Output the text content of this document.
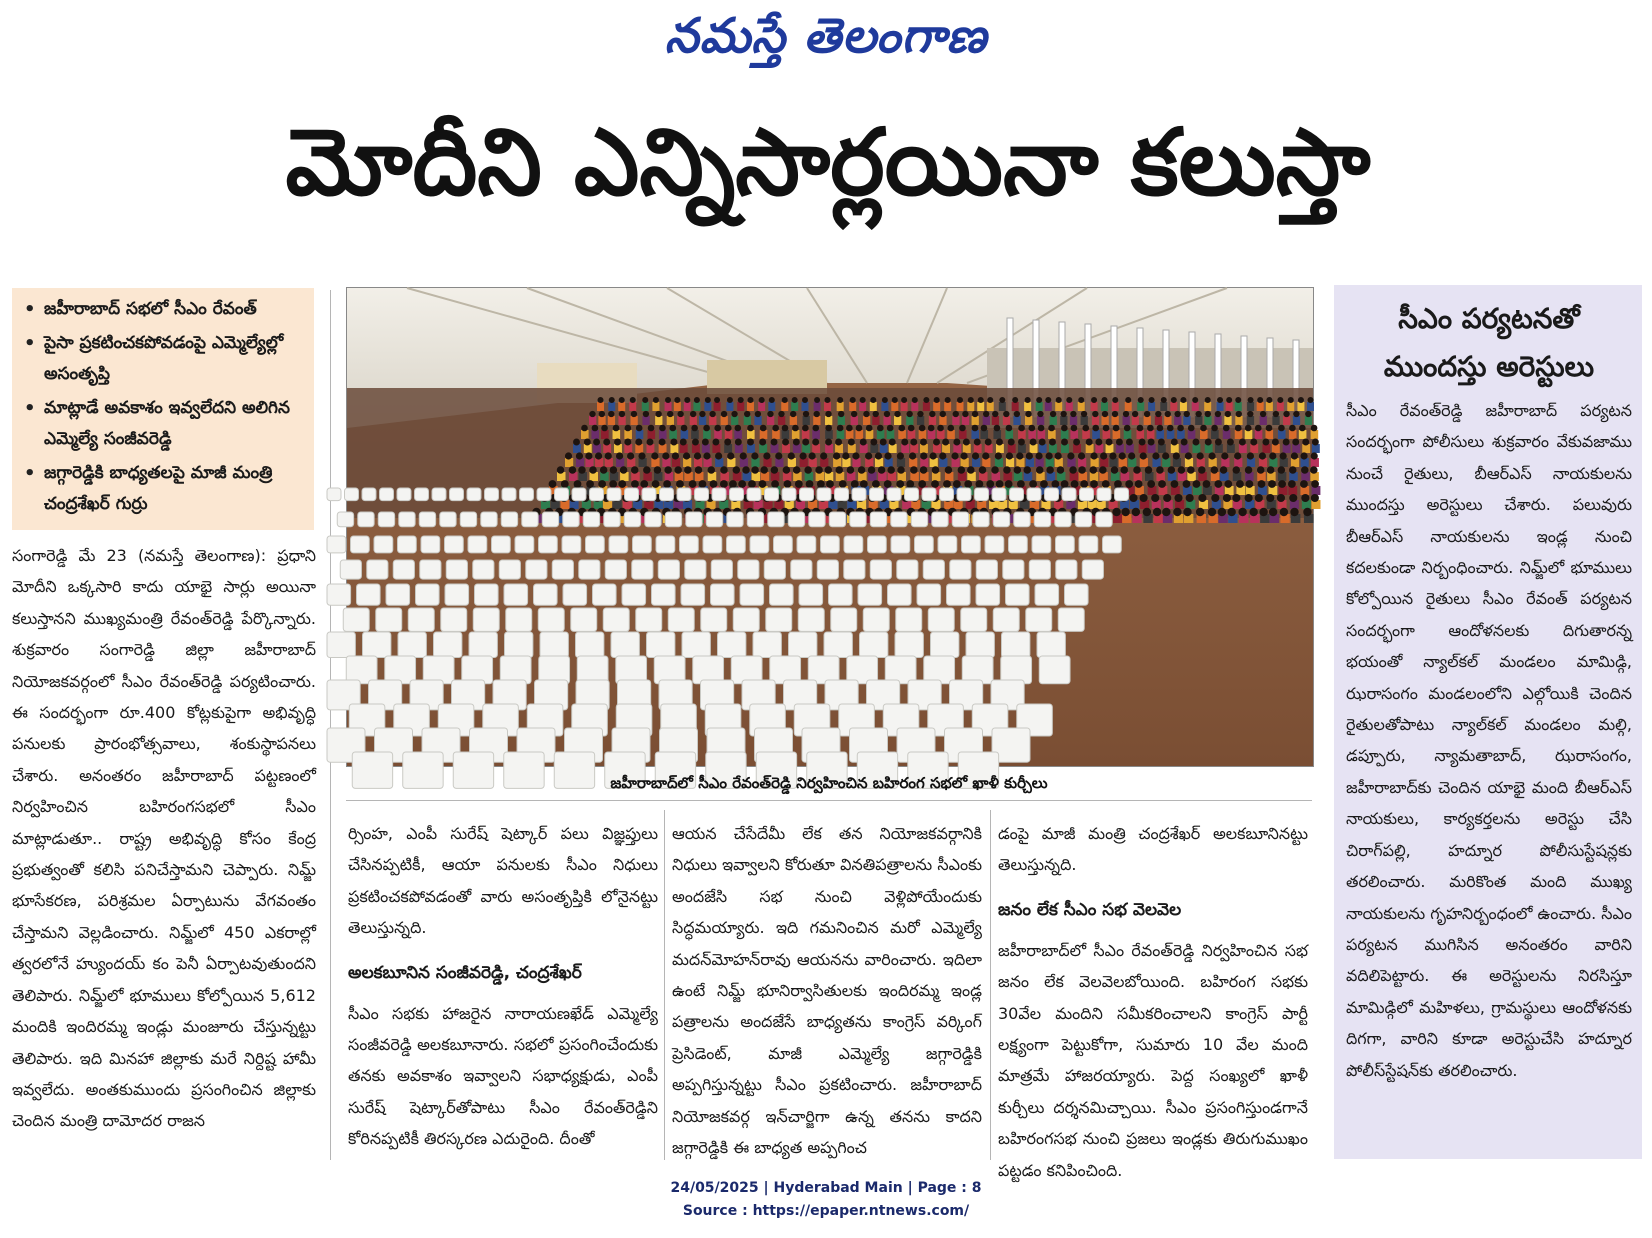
నమస్తే తెలంగాణ
మోదీని ఎన్నిసార్లయినా కలుస్తా
• జహీరాబాద్ సభలో సీఎం రేవంత్
• పైసా ప్రకటించకపోవడంపై ఎమ్మెల్యేల్లో అసంతృప్తి
• మాట్లాడే అవకాశం ఇవ్వలేదని అలిగిన ఎమ్మెల్యే సంజీవరెడ్డి
• జగ్గారెడ్డికి బాధ్యతలపై మాజీ మంత్రి చంద్రశేఖర్ గుర్రు

సంగారెడ్డి మే 23 (నమస్తే తెలంగాణ): ప్రధాని మోదీని ఒక్కసారి కాదు యాభై సార్లు అయినా కలుస్తానని ముఖ్యమంత్రి రేవంత్‌రెడ్డి పేర్కొన్నారు. శుక్రవారం సంగారెడ్డి జిల్లా జహీరాబాద్ నియోజకవర్గంలో సీఎం రేవంత్‌రెడ్డి పర్యటించారు. ఈ సందర్భంగా రూ.400 కోట్లకుపైగా అభివృద్ధి పనులకు ప్రారంభోత్సవాలు, శంకుస్థాపనలు చేశారు. అనంతరం జహీరాబాద్ పట్టణంలో నిర్వహించిన బహిరంగసభలో సీఎం మాట్లాడుతూ.. రాష్ట్ర అభివృద్ధి కోసం కేంద్ర ప్రభుత్వంతో కలిసి పనిచేస్తామని చెప్పారు. నిమ్జ్ భూసేకరణ, పరిశ్రమల ఏర్పాటును వేగవంతం చేస్తామని వెల్లడించారు. నిమ్జ్‌లో 450 ఎకరాల్లో త్వరలోనే హ్యుందయ్ కం పెనీ ఏర్పాటవుతుందని తెలిపారు. నిమ్జ్‌లో భూములు కోల్పోయిన 5,612 మందికి ఇందిరమ్మ ఇండ్లు మంజూరు చేస్తున్నట్టు తెలిపారు. ఇది మినహా జిల్లాకు మరే నిర్దిష్ట హామీ ఇవ్వలేదు. అంతకుముందు ప్రసంగించిన జిల్లాకు చెందిన మంత్రి దామోదర రాజన

జహీరాబాద్‌లో సీఎం రేవంత్‌రెడ్డి నిర్వహించిన బహిరంగ సభలో ఖాళీ కుర్చీలు

ర్సింహ, ఎంపీ సురేష్ షెట్కార్ పలు విజ్ఞప్తులు చేసినప్పటికీ, ఆయా పనులకు సీఎం నిధులు ప్రకటించకపోవడంతో వారు అసంతృప్తికి లోనైనట్టు తెలుస్తున్నది.

అలకబూనిన సంజీవరెడ్డి, చంద్రశేఖర్

సీఎం సభకు హాజరైన నారాయణఖేడ్ ఎమ్మెల్యే సంజీవరెడ్డి అలకబూనారు. సభలో ప్రసంగించేందుకు తనకు అవకాశం ఇవ్వాలని సభాధ్యక్షుడు, ఎంపీ సురేష్ షెట్కార్‌తోపాటు సీఎం రేవంత్‌రెడ్డిని కోరినప్పటికీ తిరస్కరణ ఎదురైంది. దీంతో

ఆయన చేసేదేమీ లేక తన నియోజకవర్గానికి నిధులు ఇవ్వాలని కోరుతూ వినతిపత్రాలను సీఎంకు అందజేసి సభ నుంచి వెళ్లిపోయేందుకు సిద్ధమయ్యారు. ఇది గమనించిన మరో ఎమ్మెల్యే మదన్‌మోహన్‌రావు ఆయనను వారించారు. ఇదిలా ఉంటే నిమ్జ్ భూనిర్వాసితులకు ఇందిరమ్మ ఇండ్ల పత్రాలను అందజేసే బాధ్యతను కాంగ్రెస్ వర్కింగ్ ప్రెసిడెంట్, మాజీ ఎమ్మెల్యే జగ్గారెడ్డికి అప్పగిస్తున్నట్టు సీఎం ప్రకటించారు. జహీరాబాద్ నియోజకవర్గ ఇన్‌చార్జిగా ఉన్న తనను కాదని జగ్గారెడ్డికి ఈ బాధ్యత అప్పగించ

డంపై మాజీ మంత్రి చంద్రశేఖర్ అలకబూనినట్టు తెలుస్తున్నది.

జనం లేక సీఎం సభ వెలవెల

జహీరాబాద్‌లో సీఎం రేవంత్‌రెడ్డి నిర్వహించిన సభ జనం లేక వెలవెలబోయింది. బహిరంగ సభకు 30వేల మందిని సమీకరించాలని కాంగ్రెస్ పార్టీ లక్ష్యంగా పెట్టుకోగా, సుమారు 10 వేల మంది మాత్రమే హాజరయ్యారు. పెద్ద సంఖ్యలో ఖాళీ కుర్చీలు దర్శనమిచ్చాయి. సీఎం ప్రసంగిస్తుండగానే బహిరంగసభ నుంచి ప్రజలు ఇండ్లకు తిరుగుముఖం పట్టడం కనిపించింది.

సీఎం పర్యటనతో ముందస్తు అరెస్టులు
సీఎం రేవంత్‌రెడ్డి జహీరాబాద్ పర్యటన సందర్భంగా పోలీసులు శుక్రవారం వేకువజాము నుంచే రైతులు, బీఆర్‌ఎస్ నాయకులను ముందస్తు అరెస్టులు చేశారు. పలువురు బీఆర్‌ఎస్ నాయకులను ఇండ్ల నుంచి కదలకుండా నిర్బంధించారు. నిమ్జ్‌లో భూములు కోల్పోయిన రైతులు సీఎం రేవంత్ పర్యటన సందర్భంగా ఆందోళనలకు దిగుతారన్న భయంతో న్యాల్‌కల్ మండలం మామిడ్గి, ఝరాసంగం మండలంలోని ఎల్గోయికి చెందిన రైతులతోపాటు న్యాల్‌కల్ మండలం మల్గి, డప్పూరు, న్యామతాబాద్, ఝరాసంగం, జహీరాబాద్‌కు చెందిన యాభై మంది బీఆర్‌ఎస్ నాయకులు, కార్యకర్తలను అరెస్టు చేసి చిరాగ్‌పల్లి, హద్నూర పోలీసుస్టేషన్లకు తరలించారు. మరికొంత మంది ముఖ్య నాయకులను గృహనిర్బంధంలో ఉంచారు. సీఎం పర్యటన ముగిసిన అనంతరం వారిని వదిలిపెట్టారు. ఈ అరెస్టులను నిరసిస్తూ మామిడ్గిలో మహిళలు, గ్రామస్థులు ఆందోళనకు దిగగా, వారిని కూడా అరెస్టుచేసి హద్నూర పోలీస్‌స్టేషన్‌కు తరలించారు.
24/05/2025 | Hyderabad Main | Page : 8
Source : https://epaper.ntnews.com/
